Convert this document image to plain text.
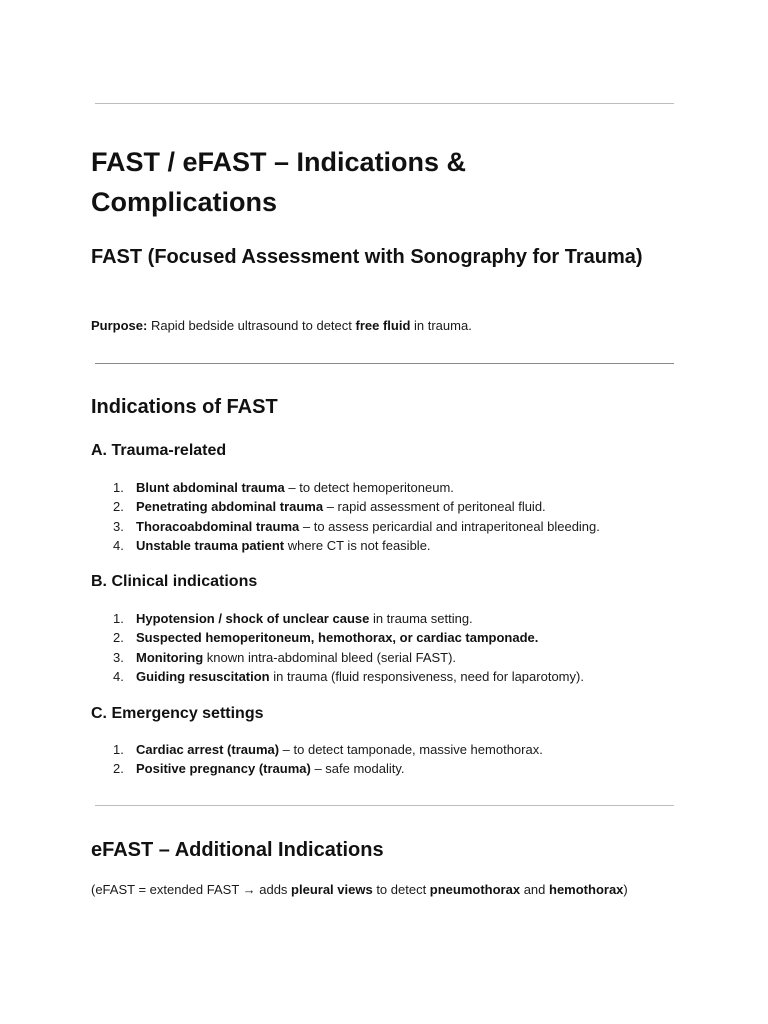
FAST / eFAST – Indications & Complications
FAST (Focused Assessment with Sonography for Trauma)

Purpose: Rapid bedside ultrasound to detect free fluid in trauma.

Indications of FAST
A. Trauma-related
1. Blunt abdominal trauma – to detect hemoperitoneum.
2. Penetrating abdominal trauma – rapid assessment of peritoneal fluid.
3. Thoracoabdominal trauma – to assess pericardial and intraperitoneal bleeding.
4. Unstable trauma patient where CT is not feasible.
B. Clinical indications
1. Hypotension / shock of unclear cause in trauma setting.
2. Suspected hemoperitoneum, hemothorax, or cardiac tamponade.
3. Monitoring known intra-abdominal bleed (serial FAST).
4. Guiding resuscitation in trauma (fluid responsiveness, need for laparotomy).
C. Emergency settings
1. Cardiac arrest (trauma) – to detect tamponade, massive hemothorax.
2. Positive pregnancy (trauma) – safe modality.
eFAST – Additional Indications

(eFAST = extended FAST → adds pleural views to detect pneumothorax and hemothorax)
